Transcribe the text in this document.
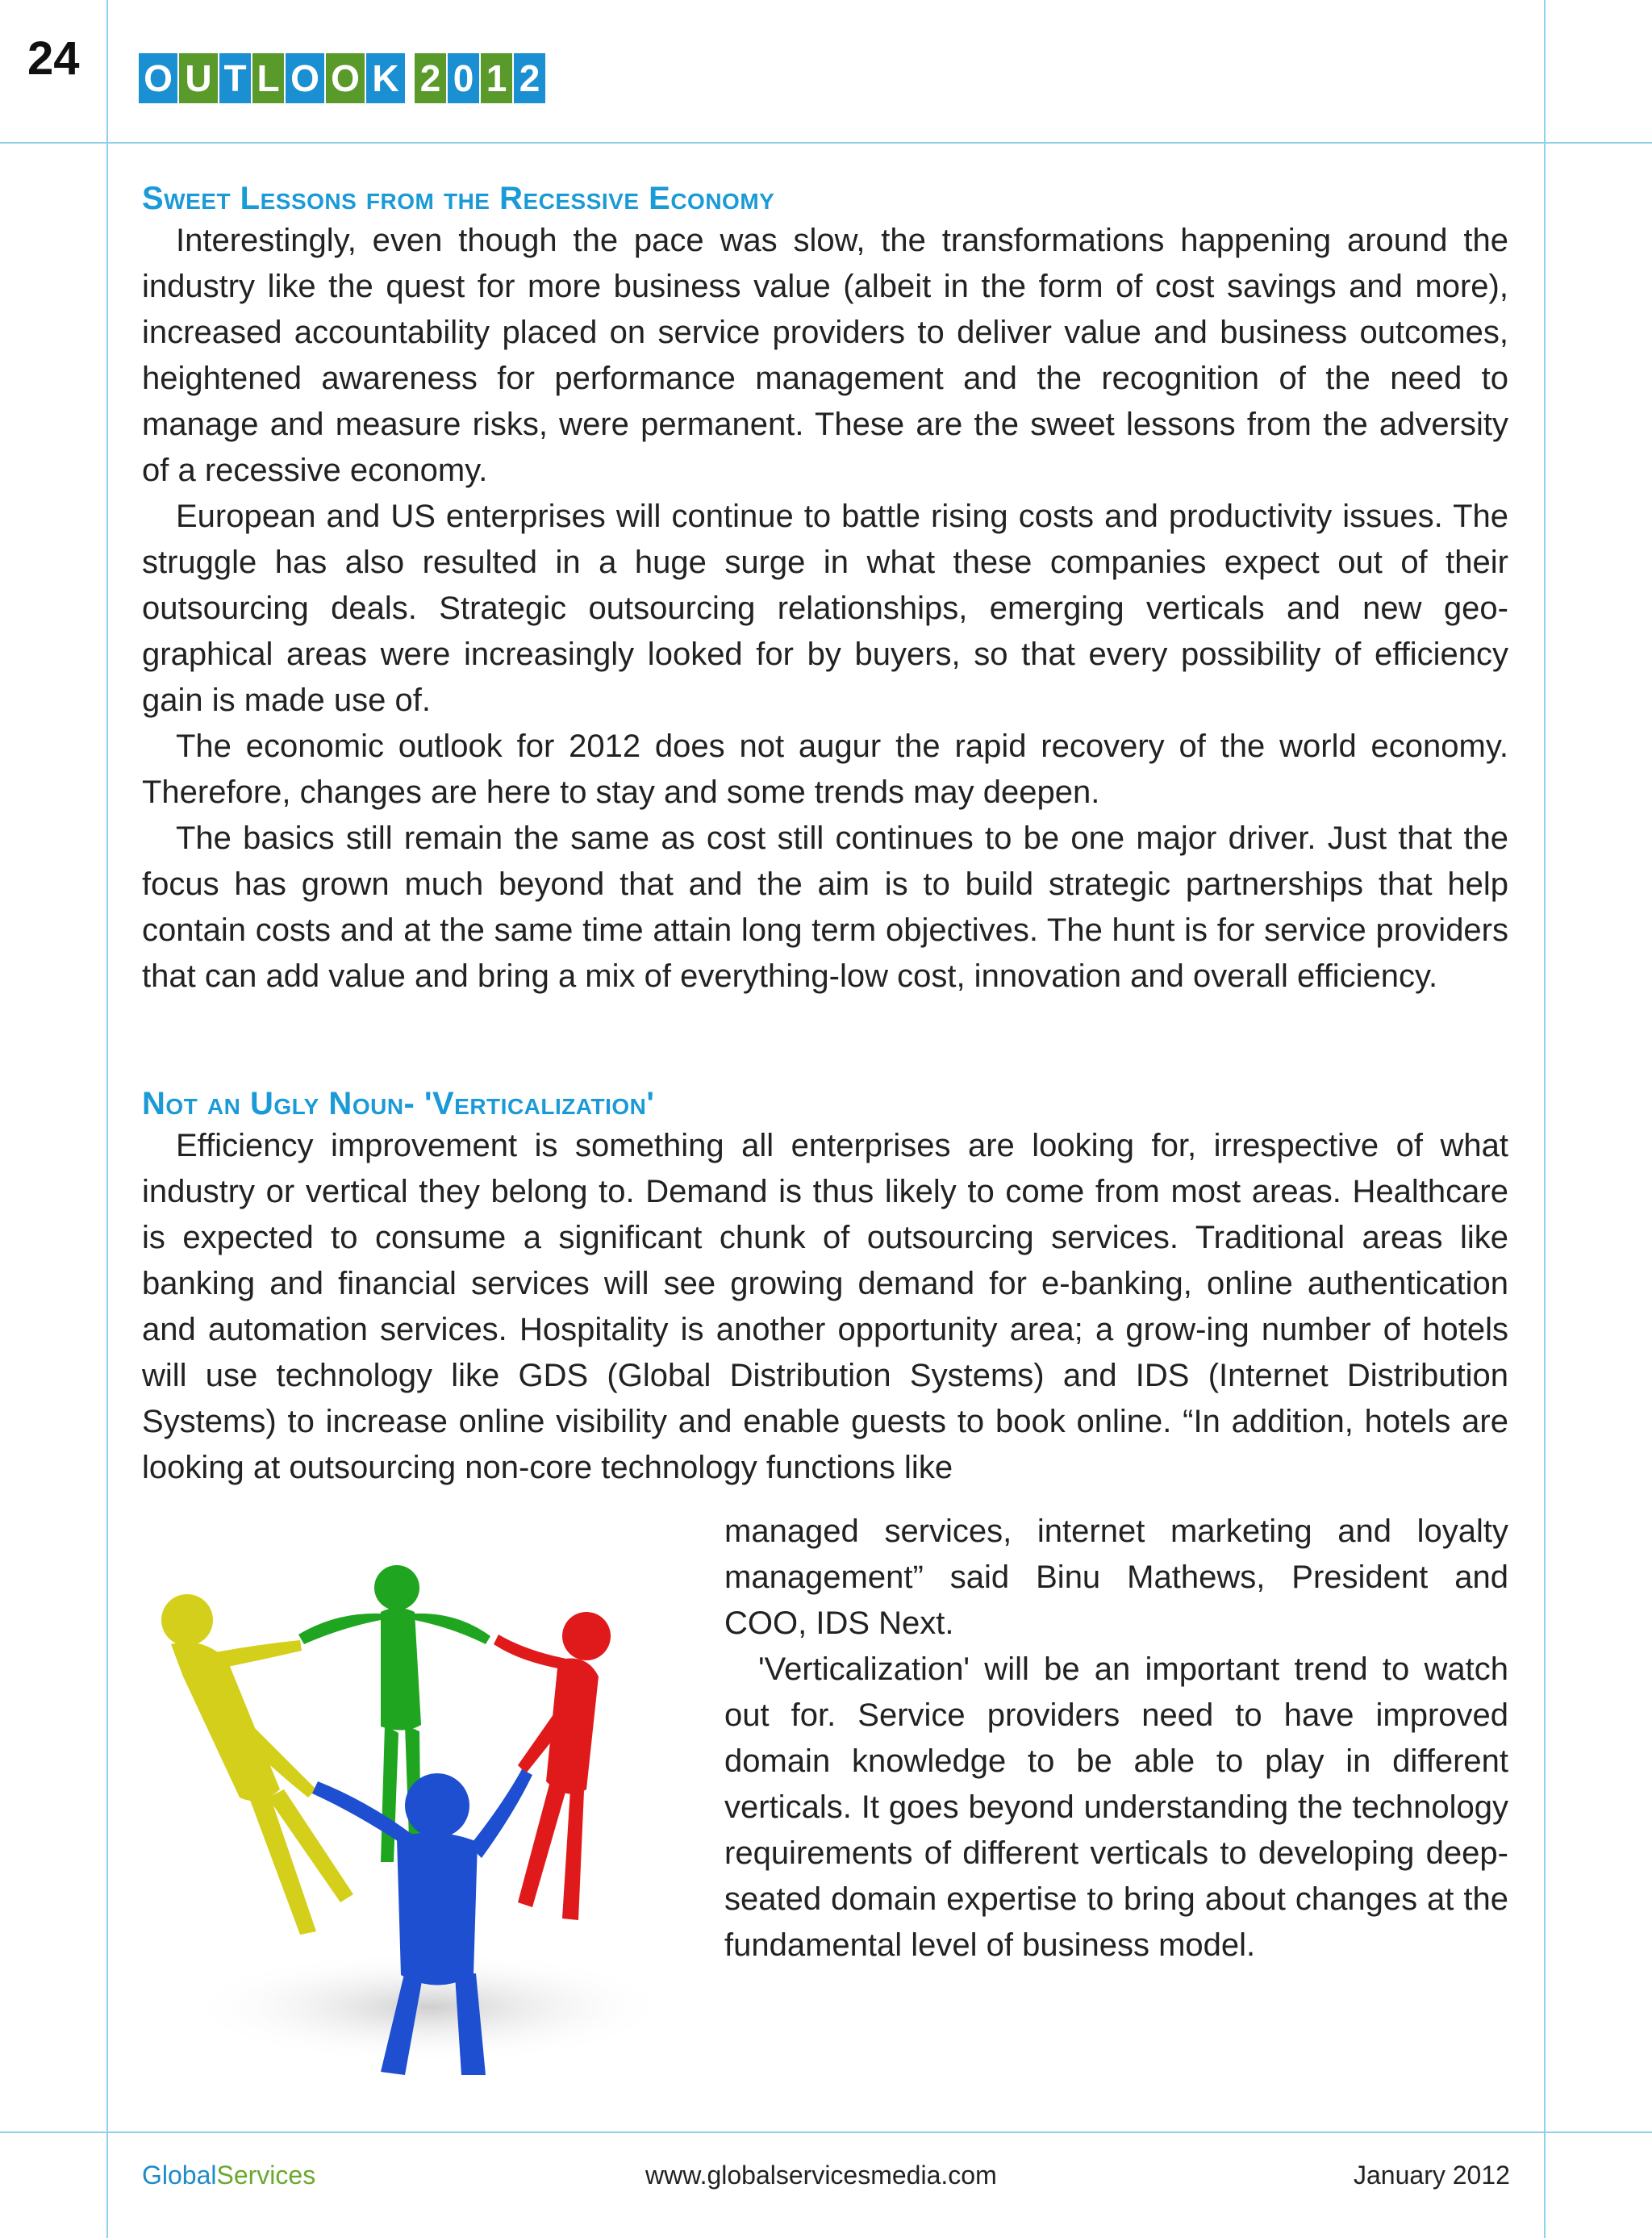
24 O U T L O O K 2 0 1 2
Sweet Lessons from the Recessive Economy

Interestingly, even though the pace was slow, the transformations happening around the industry like the quest for more business value (albeit in the form of cost savings and more), increased accountability placed on service providers to deliver value and business outcomes, heightened awareness for performance management and the recognition of the need to manage and measure risks, were permanent. These are the sweet lessons from the adversity of a recessive economy.

European and US enterprises will continue to battle rising costs and productivity issues. The struggle has also resulted in a huge surge in what these companies expect out of their outsourcing deals. Strategic outsourcing relationships, emerging verticals and new geo-graphical areas were increasingly looked for by buyers, so that every possibility of efficiency gain is made use of.

The economic outlook for 2012 does not augur the rapid recovery of the world economy. Therefore, changes are here to stay and some trends may deepen.

The basics still remain the same as cost still continues to be one major driver. Just that the focus has grown much beyond that and the aim is to build strategic partnerships that help contain costs and at the same time attain long term objectives. The hunt is for service providers that can add value and bring a mix of everything-low cost, innovation and overall efficiency.

Not an Ugly Noun- 'Verticalization'

Efficiency improvement is something all enterprises are looking for, irrespective of what industry or vertical they belong to. Demand is thus likely to come from most areas. Healthcare is expected to consume a significant chunk of outsourcing services. Traditional areas like banking and financial services will see growing demand for e-banking, online authentication and automation services. Hospitality is another opportunity area; a grow-ing number of hotels will use technology like GDS (Global Distribution Systems) and IDS (Internet Distribution Systems) to increase online visibility and enable guests to book online. “In addition, hotels are looking at outsourcing non-core technology functions like

managed services, internet marketing and loyalty management” said Binu Mathews, President and COO, IDS Next.

'Verticalization' will be an important trend to watch out for. Service providers need to have improved domain knowledge to be able to play in different verticals. It goes beyond understanding the technology requirements of different verticals to developing deep-seated domain expertise to bring about changes at the fundamental level of business model.

GlobalServices	www.globalservicesmedia.com	January 2012
